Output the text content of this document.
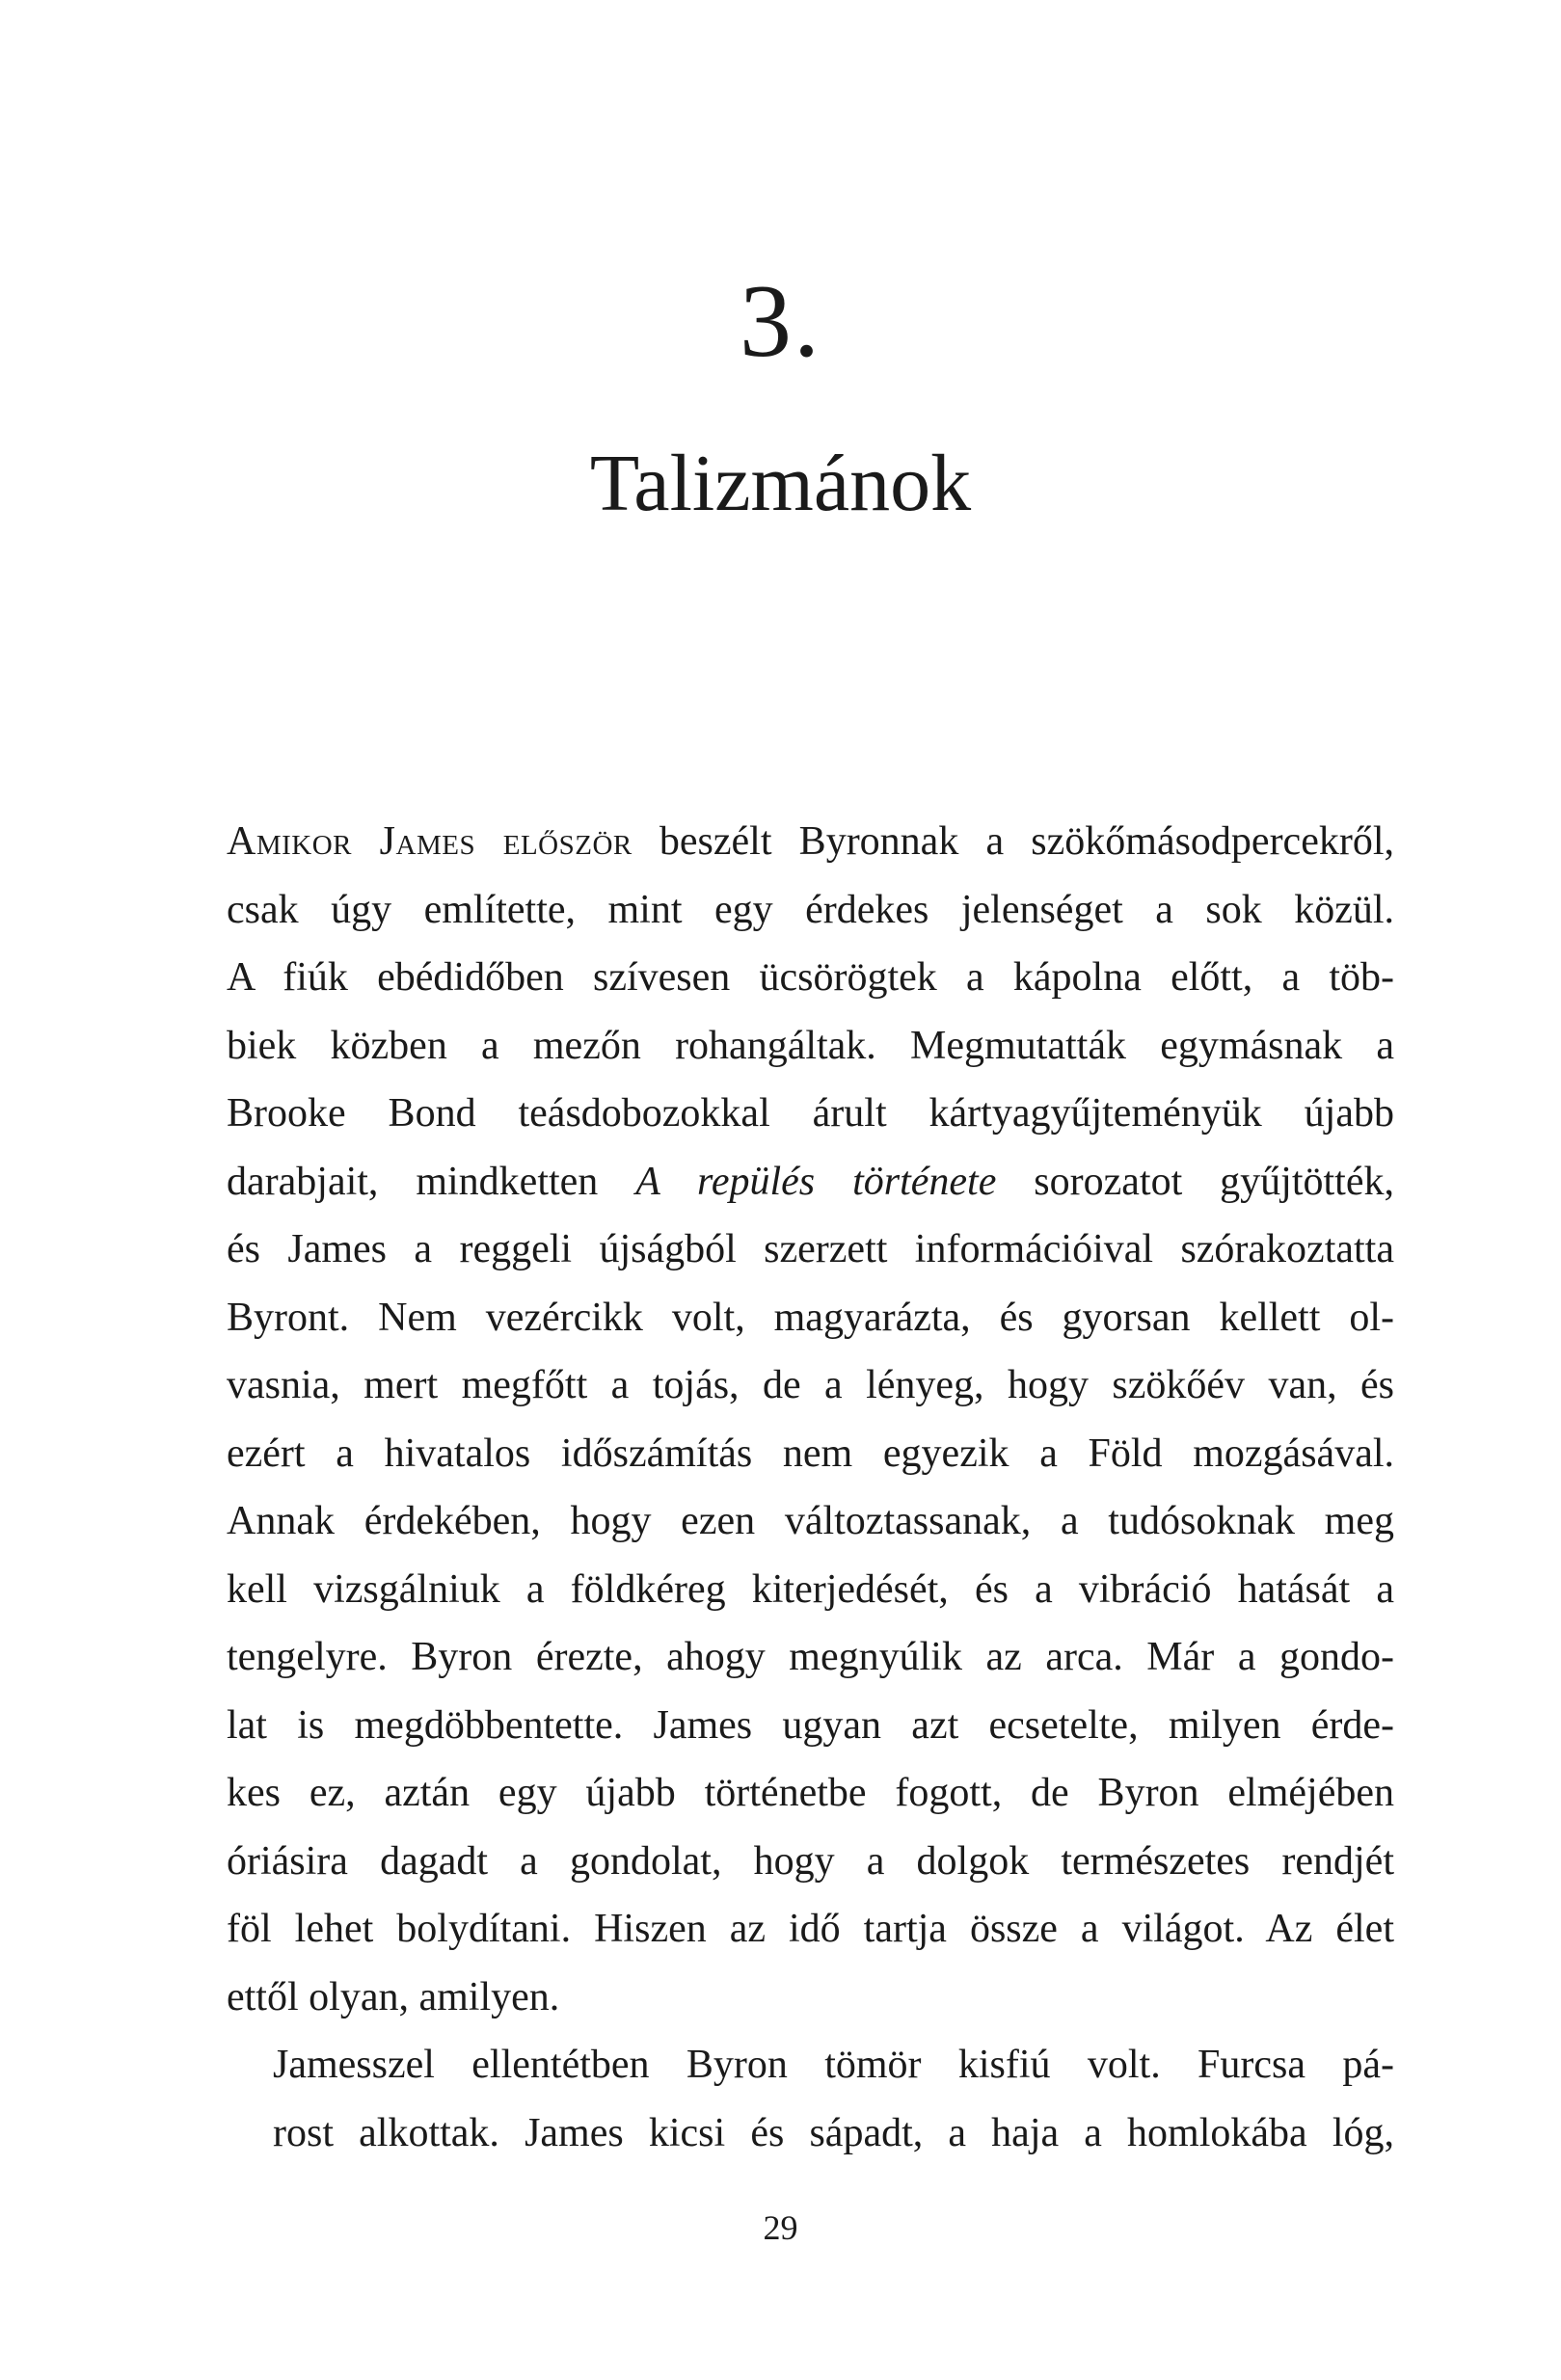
3.
Talizmánok

Amikor James először beszélt Byronnak a szökőmásodpercekről,
csak úgy említette, mint egy érdekes jelenséget a sok közül.
A fiúk ebédidőben szívesen ücsörögtek a kápolna előtt, a töb-
biek közben a mezőn rohangáltak. Megmutatták egymásnak a
Brooke Bond teásdobozokkal árult kártyagyűjteményük újabb
darabjait, mindketten A repülés története sorozatot gyűjtötték,
és James a reggeli újságból szerzett információival szórakoztatta
Byront. Nem vezércikk volt, magyarázta, és gyorsan kellett ol-
vasnia, mert megfőtt a tojás, de a lényeg, hogy szökőév van, és
ezért a hivatalos időszámítás nem egyezik a Föld mozgásával.
Annak érdekében, hogy ezen változtassanak, a tudósoknak meg
kell vizsgálniuk a földkéreg kiterjedését, és a vibráció hatását a
tengelyre. Byron érezte, ahogy megnyúlik az arca. Már a gondo-
lat is megdöbbentette. James ugyan azt ecsetelte, milyen érde-
kes ez, aztán egy újabb történetbe fogott, de Byron elméjében
óriásira dagadt a gondolat, hogy a dolgok természetes rendjét
föl lehet bolydítani. Hiszen az idő tartja össze a világot. Az élet
ettől olyan, amilyen.

Jamesszel ellentétben Byron tömör kisfiú volt. Furcsa pá-
rost alkottak. James kicsi és sápadt, a haja a homlokába lóg,

29
